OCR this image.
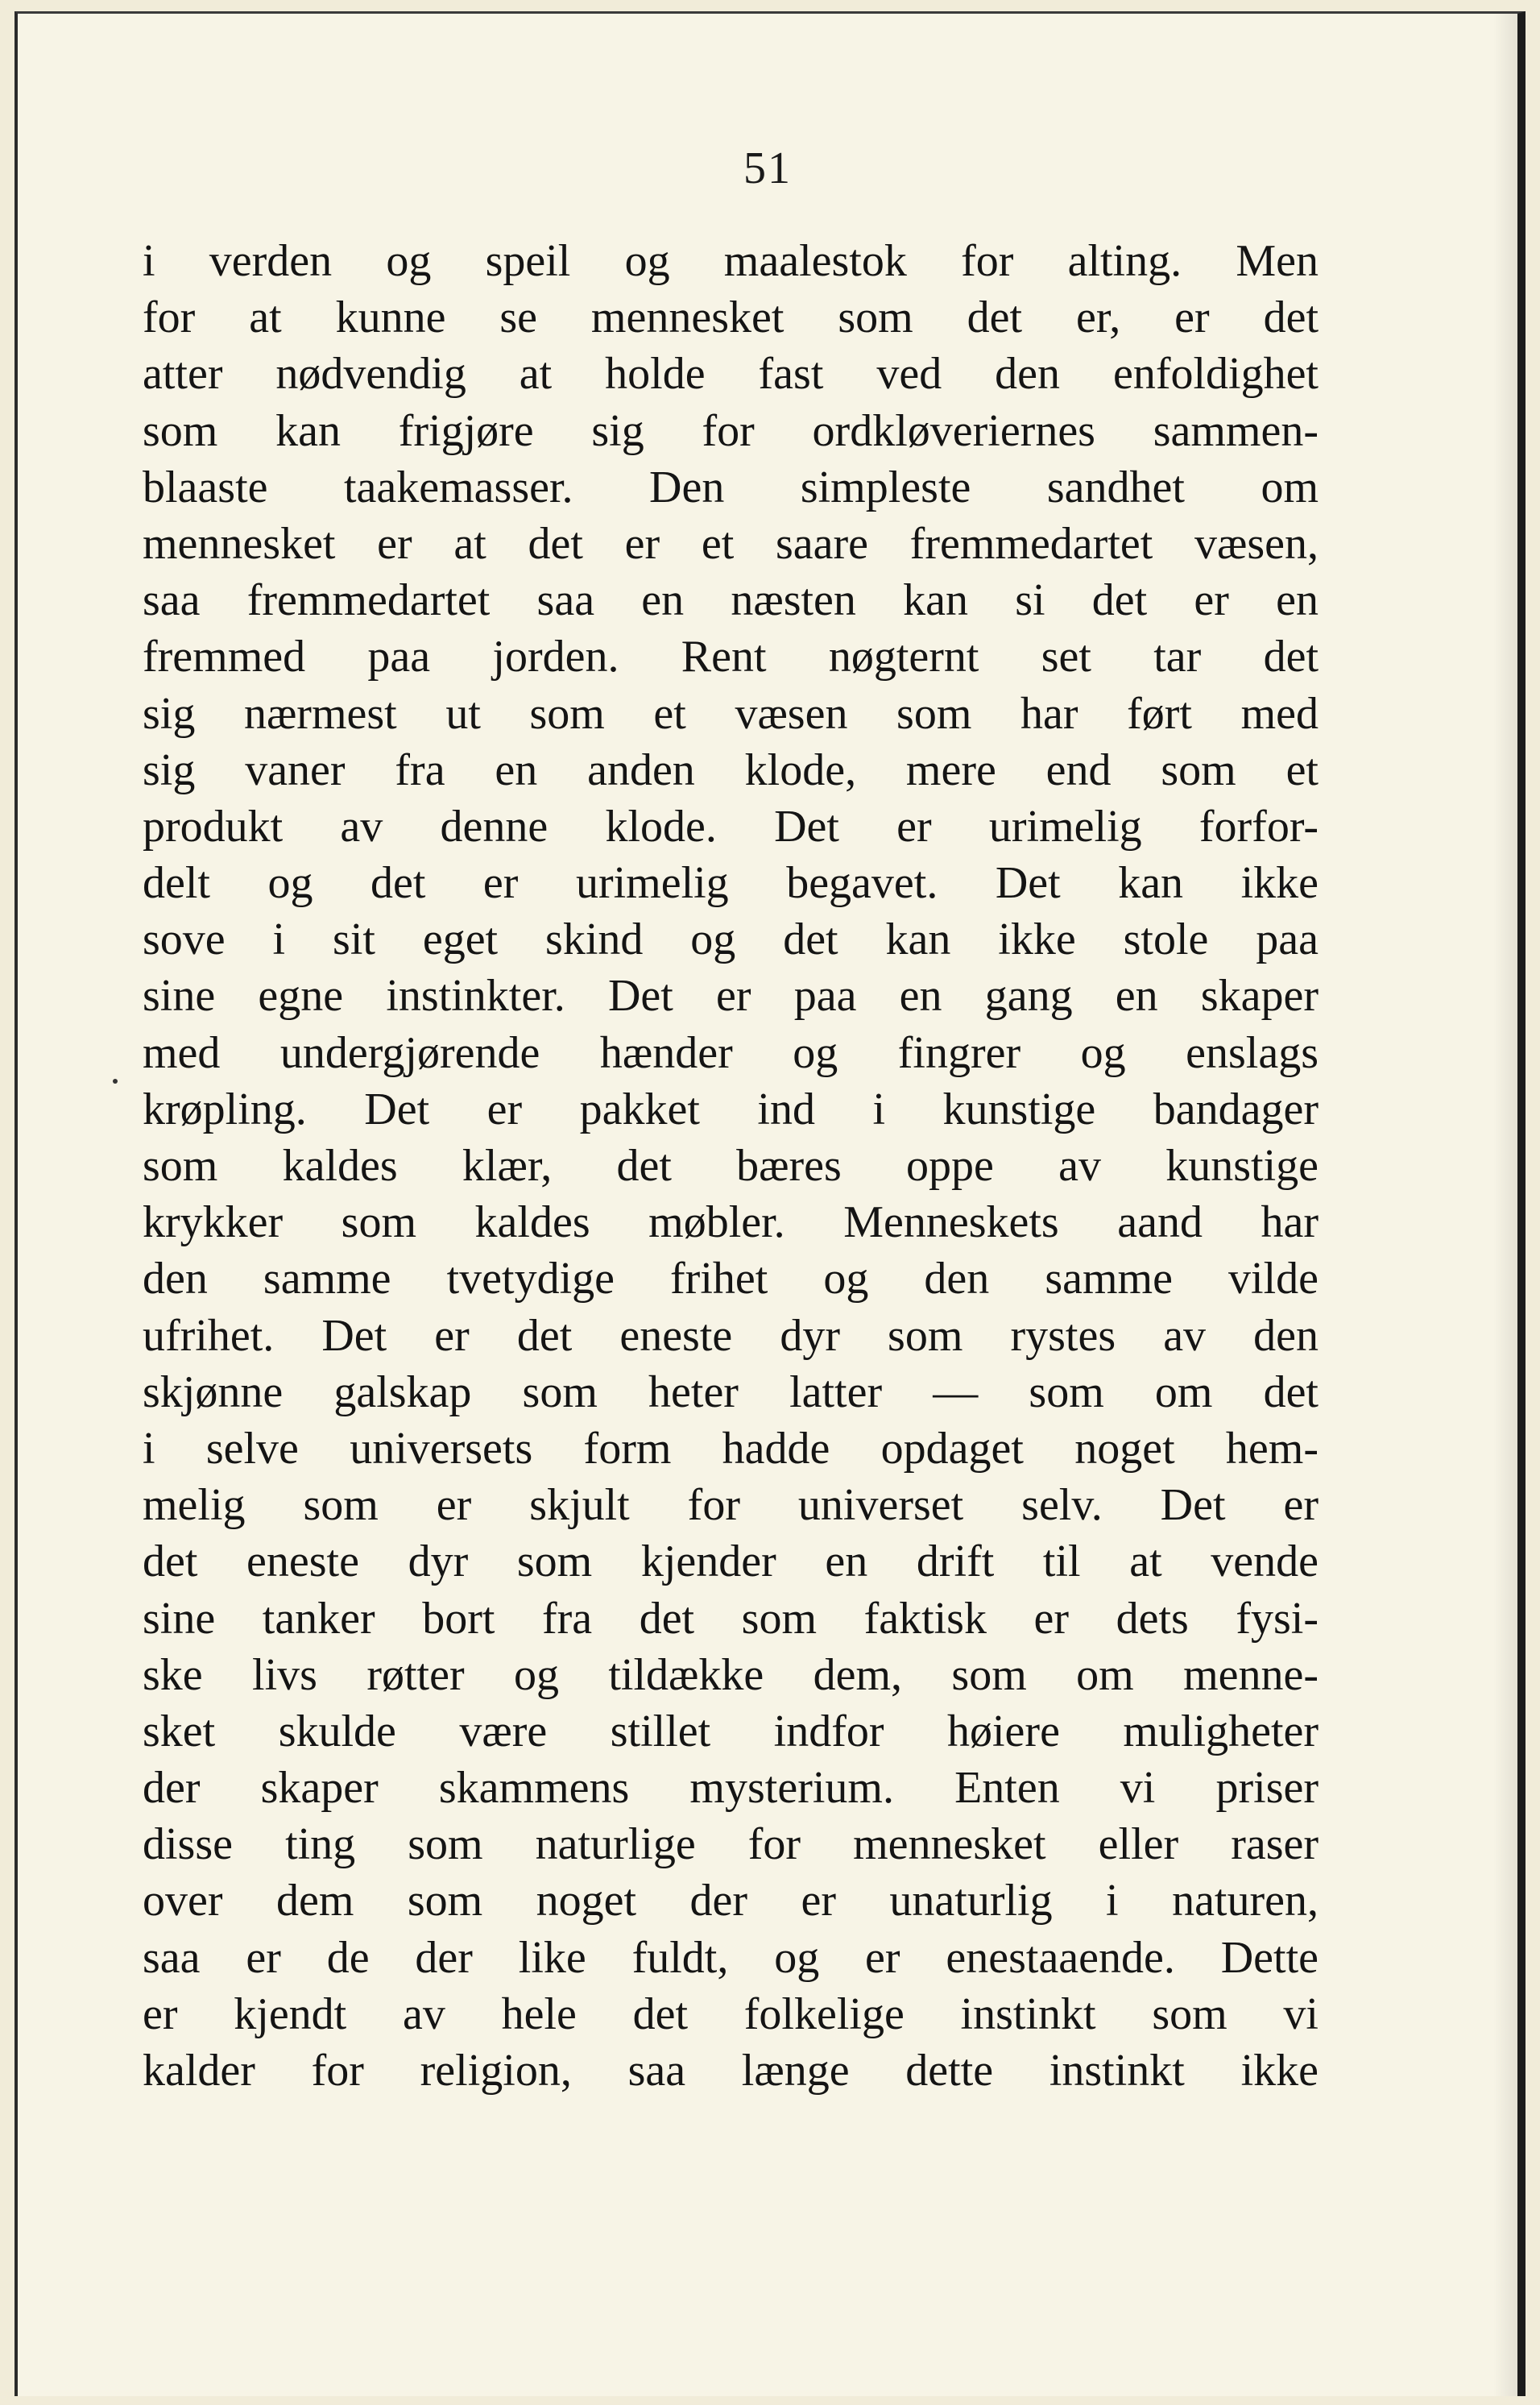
51
i verden og speil og maalestok for alting. Men
for at kunne se mennesket som det er, er det
atter nødvendig at holde fast ved den enfoldighet
som kan frigjøre sig for ordkløveriernes sammen-
blaaste taakemasser. Den simpleste sandhet om
mennesket er at det er et saare fremmedartet væsen,
saa fremmedartet saa en næsten kan si det er en
fremmed paa jorden. Rent nøgternt set tar det
sig nærmest ut som et væsen som har ført med
sig vaner fra en anden klode, mere end som et
produkt av denne klode. Det er urimelig forfor-
delt og det er urimelig begavet. Det kan ikke
sove i sit eget skind og det kan ikke stole paa
sine egne instinkter. Det er paa en gang en skaper
med undergjørende hænder og fingrer og enslags
krøpling. Det er pakket ind i kunstige bandager
som kaldes klær, det bæres oppe av kunstige
krykker som kaldes møbler. Menneskets aand har
den samme tvetydige frihet og den samme vilde
ufrihet. Det er det eneste dyr som rystes av den
skjønne galskap som heter latter — som om det
i selve universets form hadde opdaget noget hem-
melig som er skjult for universet selv. Det er
det eneste dyr som kjender en drift til at vende
sine tanker bort fra det som faktisk er dets fysi-
ske livs røtter og tildække dem, som om menne-
sket skulde være stillet indfor høiere muligheter
der skaper skammens mysterium. Enten vi priser
disse ting som naturlige for mennesket eller raser
over dem som noget der er unaturlig i naturen,
saa er de der like fuldt, og er enestaaende. Dette
er kjendt av hele det folkelige instinkt som vi
kalder for religion, saa længe dette instinkt ikke
